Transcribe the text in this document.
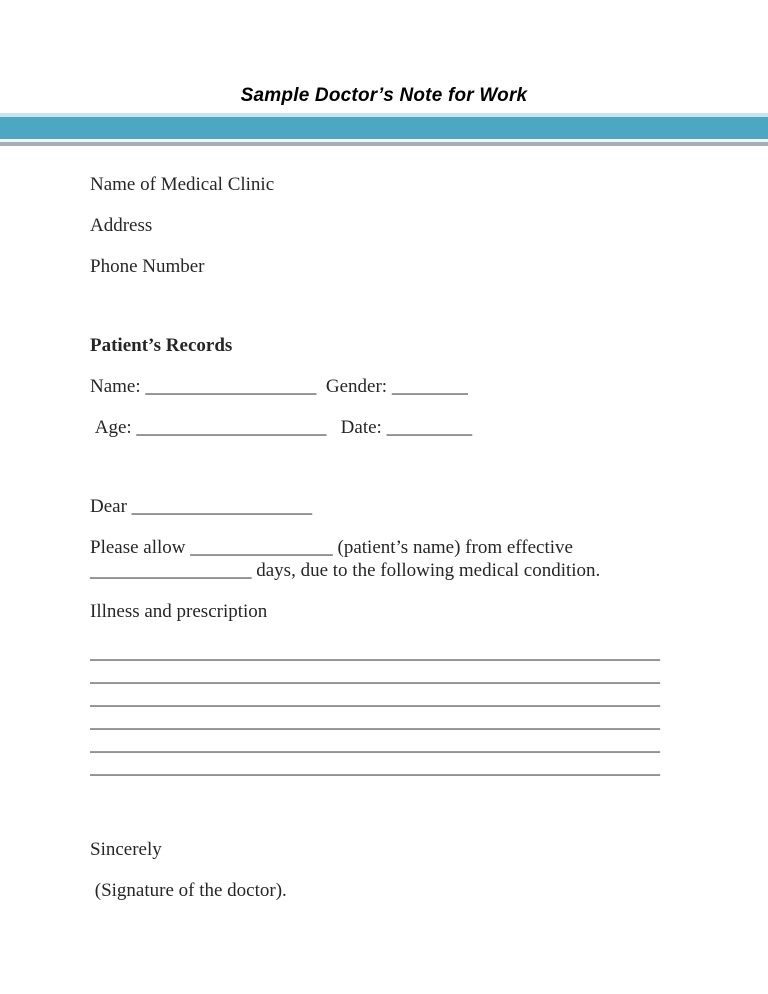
Sample Doctor’s Note for Work

Name of Medical Clinic

Address

Phone Number

Patient’s Records

Name: __________________  Gender: ________

Age: ____________________   Date: _________

Dear ___________________

Please allow _______________ (patient’s name) from effective
_________________ days, due to the following medical condition.

Illness and prescription

____________________________________________________________
____________________________________________________________
____________________________________________________________
____________________________________________________________
____________________________________________________________
____________________________________________________________

Sincerely

(Signature of the doctor).
